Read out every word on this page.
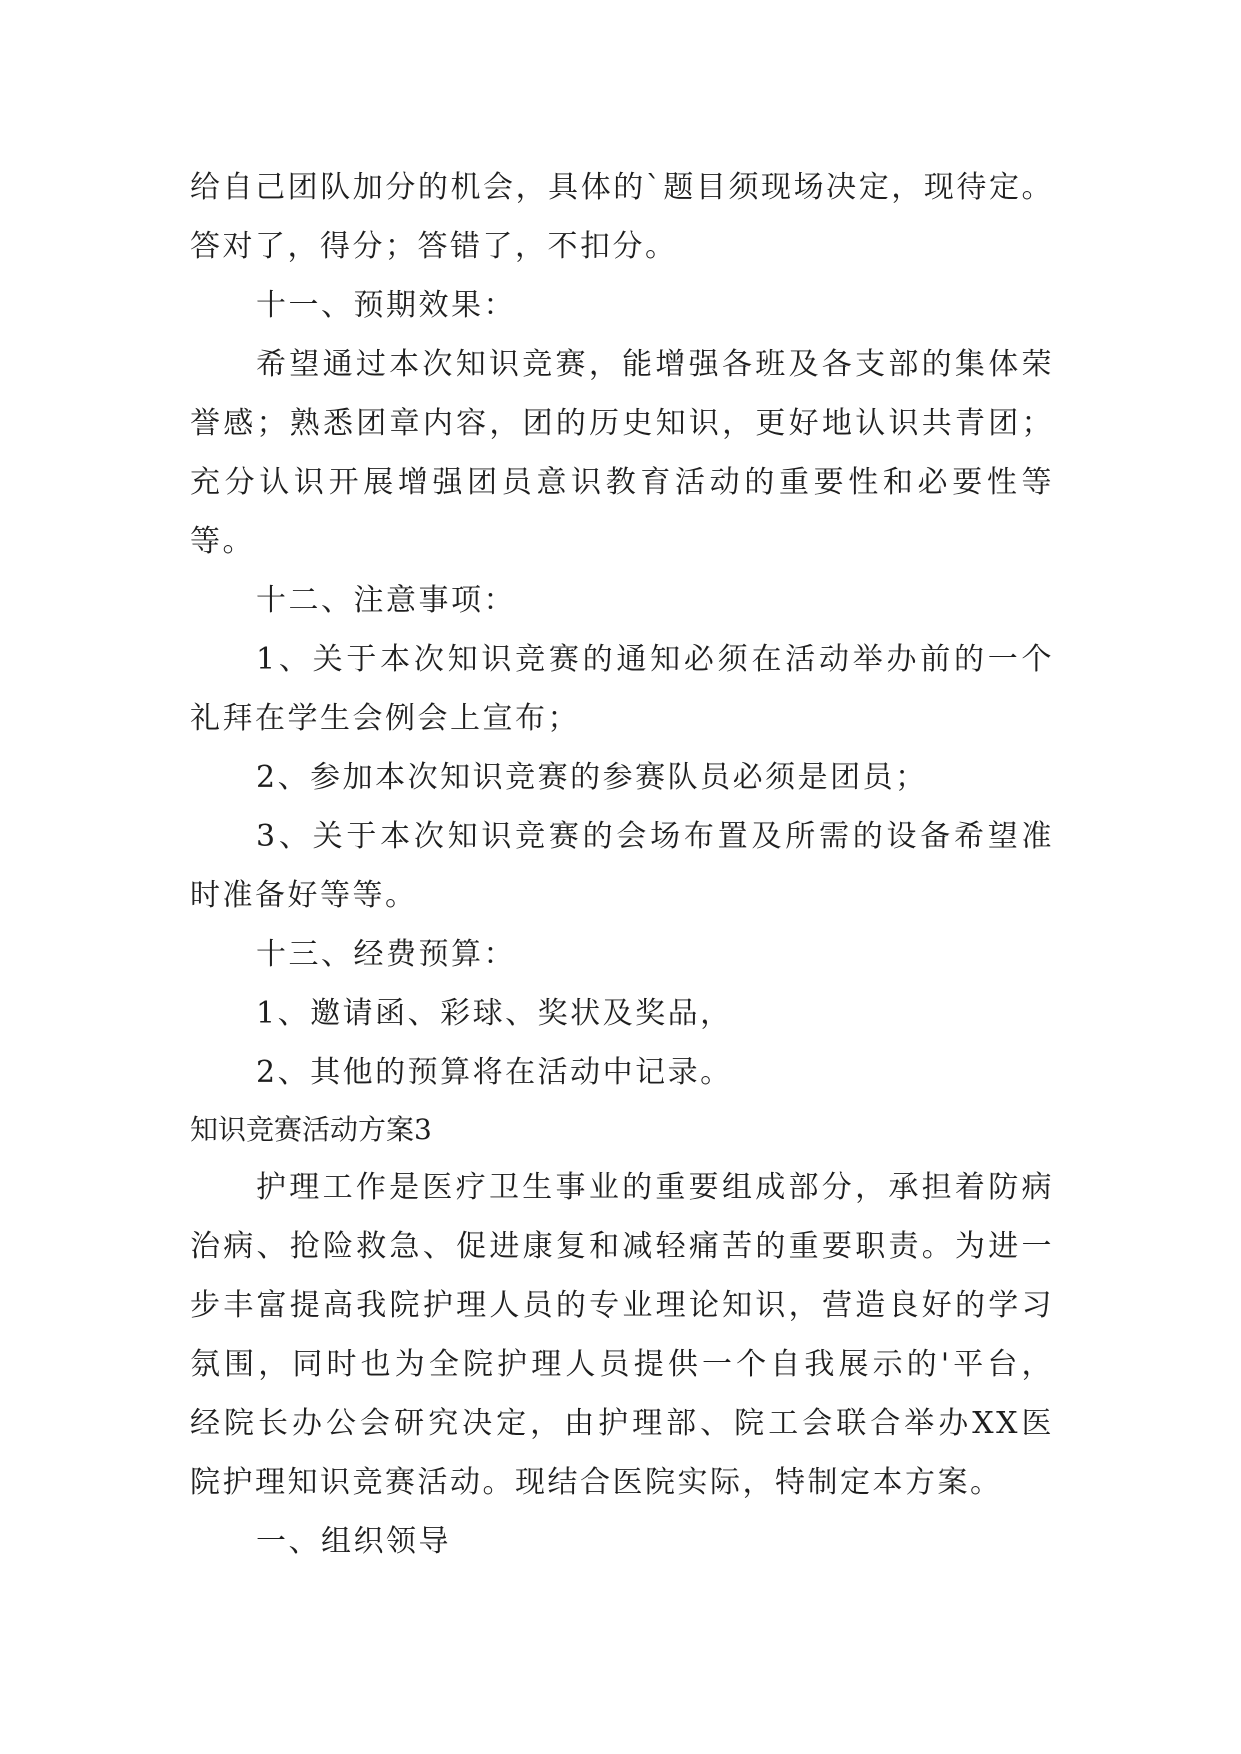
给自己团队加分的机会，具体的`题目须现场决定，现待定。
答对了，得分；答错了，不扣分。
十一、预期效果：
希望通过本次知识竞赛，能增强各班及各支部的集体荣
誉感；熟悉团章内容，团的历史知识，更好地认识共青团；
充分认识开展增强团员意识教育活动的重要性和必要性等
等。
十二、注意事项：
1、关于本次知识竞赛的通知必须在活动举办前的一个
礼拜在学生会例会上宣布；
2、参加本次知识竞赛的参赛队员必须是团员；
3、关于本次知识竞赛的会场布置及所需的设备希望准
时准备好等等。
十三、经费预算：
1、邀请函、彩球、奖状及奖品，
2、其他的预算将在活动中记录。
知识竞赛活动方案3
护理工作是医疗卫生事业的重要组成部分，承担着防病
治病、抢险救急、促进康复和减轻痛苦的重要职责。为进一
步丰富提高我院护理人员的专业理论知识，营造良好的学习
氛围，同时也为全院护理人员提供一个自我展示的'平台，
经院长办公会研究决定，由护理部、院工会联合举办XX医
院护理知识竞赛活动。现结合医院实际，特制定本方案。
一、组织领导
